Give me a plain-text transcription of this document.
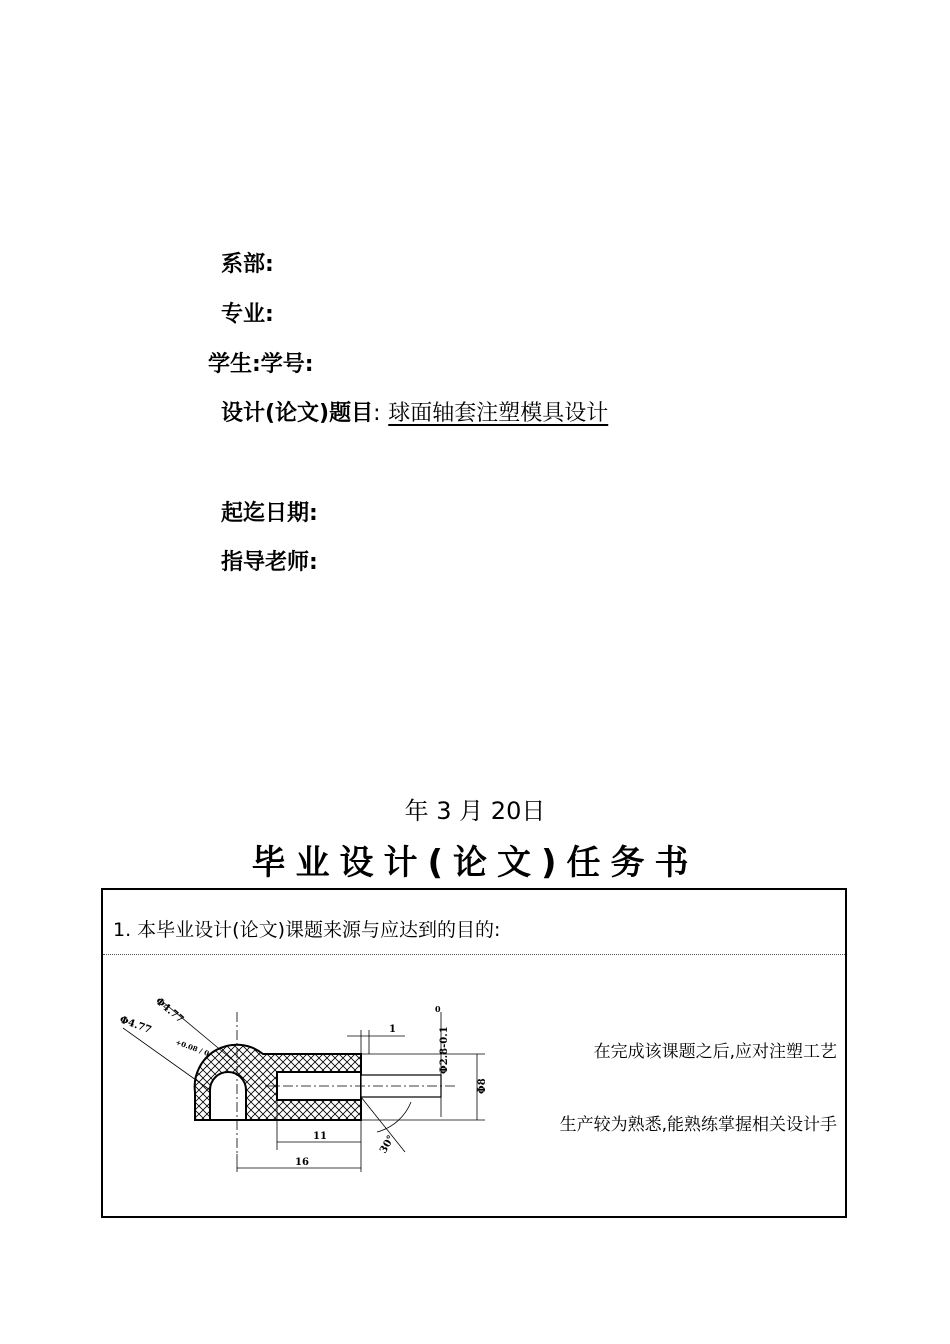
系部:
专业:
学生:学号:
设计(论文)题目: 球面轴套注塑模具设计
起迄日期:
指导老师:
年 3 月 20日
毕业设计(论文)任务书
1. 本毕业设计(论文)课题来源与应达到的目的:
1
11
16
Φ4.77
Φ4.77
+0.08 / 0	Φ2.8-0.1
0
Φ8
30°
在完成该课题之后,应对注塑工艺
生产较为熟悉,能熟练掌握相关设计手
